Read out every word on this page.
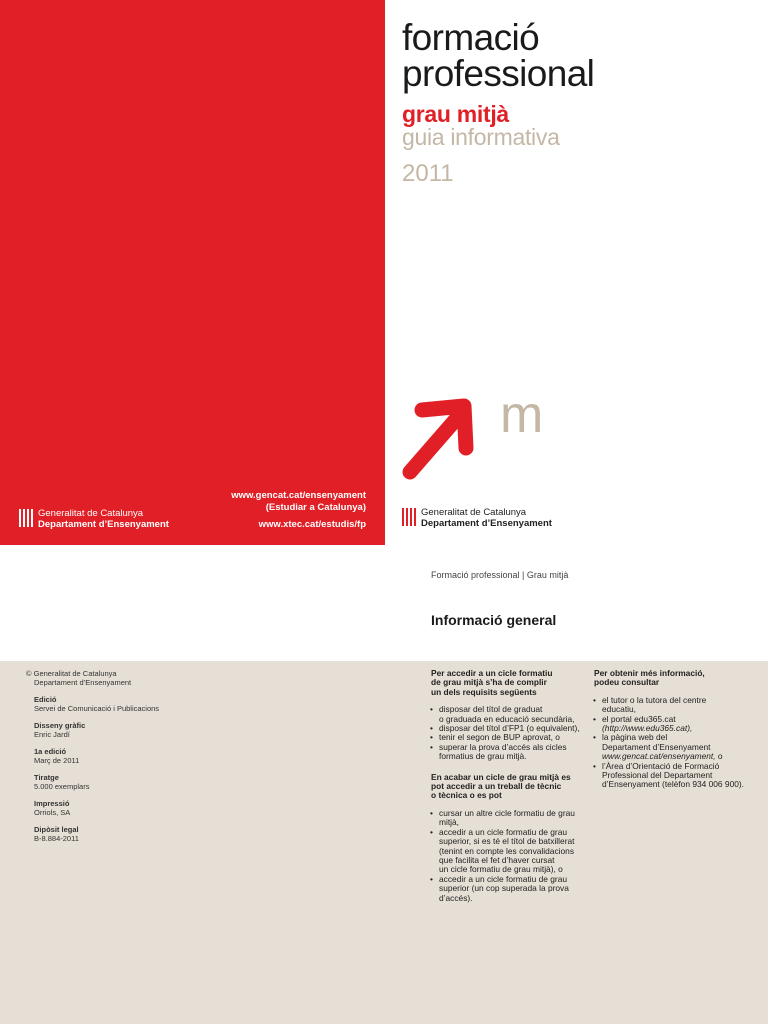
www.gencat.cat/ensenyament
(Estudiar a Catalunya)
www.xtec.cat/estudis/fp
Generalitat de Catalunya
Departament d’Ensenyament
formació
professional
grau mitjà
guia informativa
2011
m
Generalitat de Catalunya
Departament d’Ensenyament
Formació professional | Grau mitjà
Informació general
© Generalitat de Catalunya
Departament d’Ensenyament
Edició
Servei de Comunicació i Publicacions
Disseny gràfic
Enric Jardí
1a edició
Març de 2011
Tiratge
5.000 exemplars
Impressió
Orriols, SA
Dipòsit legal
B-8.884-2011
Per accedir a un cicle formatiu
de grau mitjà s’ha de complir
un dels requisits següents
• disposar del títol de graduat
o graduada en educació secundària,
• disposar del títol d’FP1 (o equivalent),
• tenir el segon de BUP aprovat, o
• superar la prova d’accés als cicles
formatius de grau mitjà.
En acabar un cicle de grau mitjà es
pot accedir a un treball de tècnic
o tècnica o es pot
• cursar un altre cicle formatiu de grau
mitjà,
• accedir a un cicle formatiu de grau
superior, si es té el títol de batxillerat
(tenint en compte les convalidacions
que facilita el fet d’haver cursat
un cicle formatiu de grau mitjà), o
• accedir a un cicle formatiu de grau
superior (un cop superada la prova
d’accés).
Per obtenir més informació,
podeu consultar
• el tutor o la tutora del centre
educatiu,
• el portal edu365.cat
(http://www.edu365.cat),
• la pàgina web del
Departament d’Ensenyament
www.gencat.cat/ensenyament, o
• l’Àrea d’Orientació de Formació
Professional del Departament
d’Ensenyament (telèfon 934 006 900).
